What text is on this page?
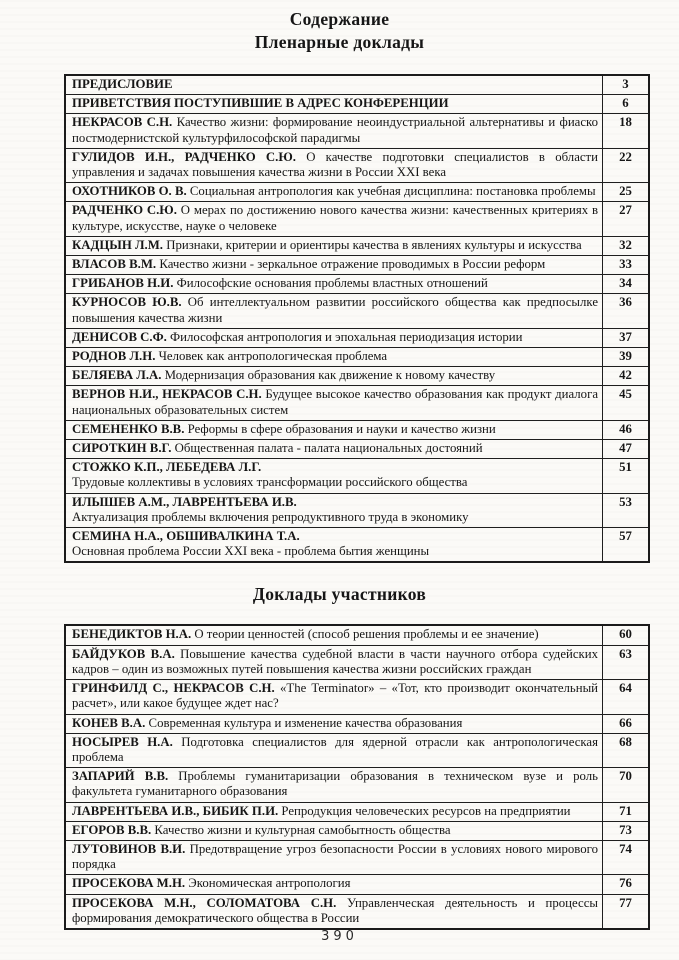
Содержание
Пленарные доклады
ПРЕДИСЛОВИЕ	3
ПРИВЕТСТВИЯ ПОСТУПИВШИЕ В АДРЕС КОНФЕРЕНЦИИ	6
НЕКРАСОВ С.Н. Качество жизни: формирование неоиндустриальной альтернативы и фиаско постмодернистской культурфилософской парадигмы	18
ГУЛИДОВ И.Н., РАДЧЕНКО С.Ю. О качестве подготовки специалистов в области управления и задачах повышения качества жизни в России XXI века	22
ОХОТНИКОВ О. В. Социальная антропология как учебная дисциплина: постановка проблемы	25
РАДЧЕНКО С.Ю. О мерах по достижению нового качества жизни: качественных критериях в культуре, искусстве, науке о человеке	27
КАДЦЫН Л.М. Признаки, критерии и ориентиры качества в явлениях культуры и искусства	32
ВЛАСОВ В.М. Качество жизни - зеркальное отражение проводимых в России реформ	33
ГРИБАНОВ Н.И. Философские основания проблемы властных отношений	34
КУРНОСОВ Ю.В. Об интеллектуальном развитии российского общества как предпосылке повышения качества жизни	36
ДЕНИСОВ С.Ф. Философская антропология и эпохальная периодизация истории	37
РОДНОВ Л.Н. Человек как антропологическая проблема	39
БЕЛЯЕВА Л.А. Модернизация образования как движение к новому качеству	42
ВЕРНОВ Н.И., НЕКРАСОВ С.Н. Будущее высокое качество образования как продукт диалога национальных образовательных систем	45
СЕМЕНЕНКО В.В. Реформы в сфере образования и науки и качество жизни	46
СИРОТКИН В.Г. Общественная палата - палата национальных достояний	47
СТОЖКО К.П., ЛЕБЕДЕВА Л.Г.
Трудовые коллективы в условиях трансформации российского общества	51
ИЛЫШЕВ А.М., ЛАВРЕНТЬЕВА И.В.
Актуализация проблемы включения репродуктивного труда в экономику	53
СЕМИНА Н.А., ОБШИВАЛКИНА Т.А.
Основная проблема России XXI века - проблема бытия женщины	57
Доклады участников
БЕНЕДИКТОВ Н.А. О теории ценностей (способ решения проблемы и ее значение)	60
БАЙДУКОВ В.А. Повышение качества судебной власти в части научного отбора судейских кадров – один из возможных путей повышения качества жизни российских граждан	63
ГРИНФИЛД С., НЕКРАСОВ С.Н. «The Terminator» – «Тот, кто производит окончательный расчет», или какое будущее ждет нас?	64
КОНЕВ В.А. Современная культура и изменение качества образования	66
НОСЫРЕВ Н.А. Подготовка специалистов для ядерной отрасли как антропологическая проблема	68
ЗАПАРИЙ В.В. Проблемы гуманитаризации образования в техническом вузе и роль факультета гуманитарного образования	70
ЛАВРЕНТЬЕВА И.В., БИБИК П.И. Репродукция человеческих ресурсов на предприятии	71
ЕГОРОВ В.В. Качество жизни и культурная самобытность общества	73
ЛУТОВИНОВ В.И. Предотвращение угроз безопасности России в условиях нового мирового порядка	74
ПРОСЕКОВА М.Н. Экономическая антропология	76
ПРОСЕКОВА М.Н., СОЛОМАТОВА С.Н. Управленческая деятельность и процессы формирования демократического общества в России	77
390
